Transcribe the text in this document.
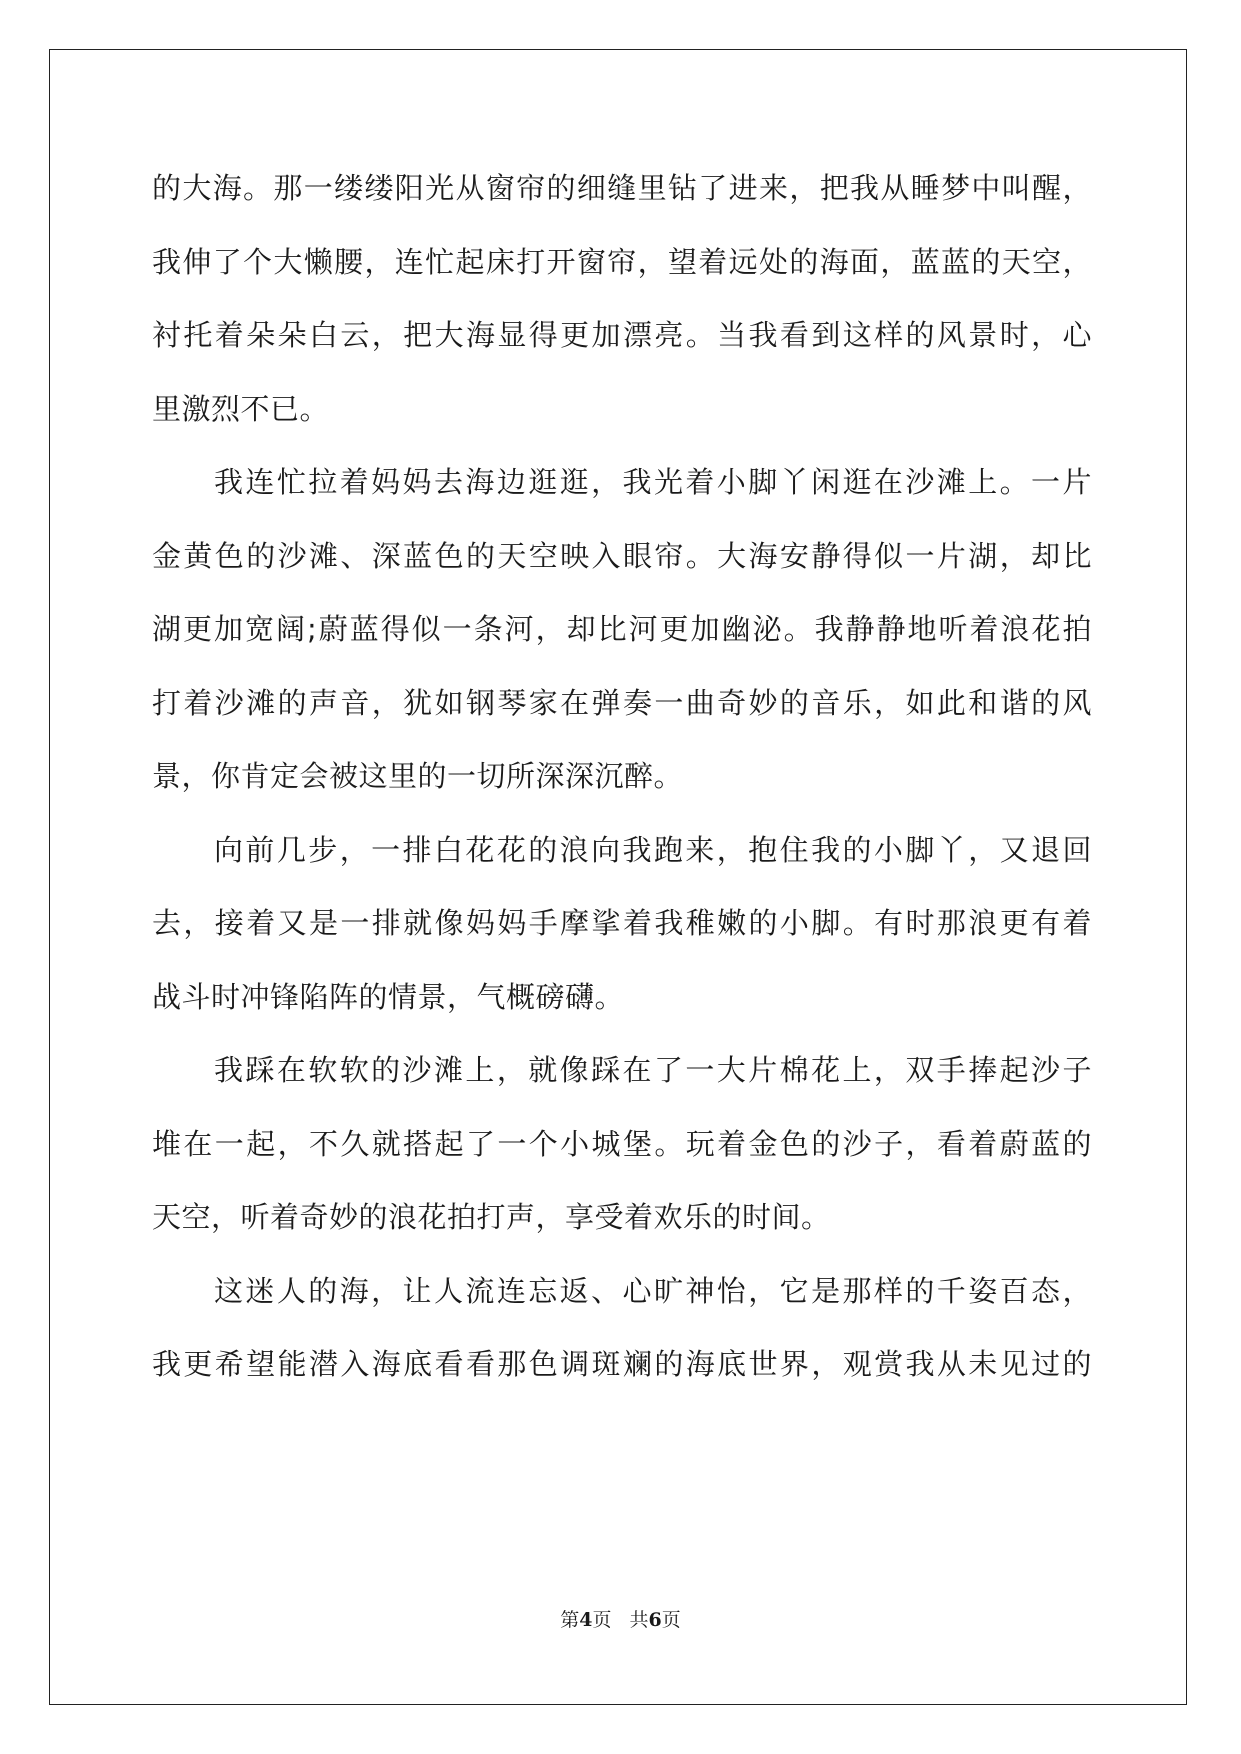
的大海。那一缕缕阳光从窗帘的细缝里钻了进来，把我从睡梦中叫醒，
我伸了个大懒腰，连忙起床打开窗帘，望着远处的海面，蓝蓝的天空，
衬托着朵朵白云，把大海显得更加漂亮。当我看到这样的风景时，心
里激烈不已。
我连忙拉着妈妈去海边逛逛，我光着小脚丫闲逛在沙滩上。一片
金黄色的沙滩、深蓝色的天空映入眼帘。大海安静得似一片湖，却比
湖更加宽阔;蔚蓝得似一条河，却比河更加幽泌。我静静地听着浪花拍
打着沙滩的声音，犹如钢琴家在弹奏一曲奇妙的音乐，如此和谐的风
景，你肯定会被这里的一切所深深沉醉。
向前几步，一排白花花的浪向我跑来，抱住我的小脚丫，又退回
去，接着又是一排就像妈妈手摩挲着我稚嫩的小脚。有时那浪更有着
战斗时冲锋陷阵的情景，气概磅礴。
我踩在软软的沙滩上，就像踩在了一大片棉花上，双手捧起沙子
堆在一起，不久就搭起了一个小城堡。玩着金色的沙子，看着蔚蓝的
天空，听着奇妙的浪花拍打声，享受着欢乐的时间。
这迷人的海，让人流连忘返、心旷神怡，它是那样的千姿百态，
我更希望能潜入海底看看那色调斑斓的海底世界，观赏我从未见过的
第4页 共6页
